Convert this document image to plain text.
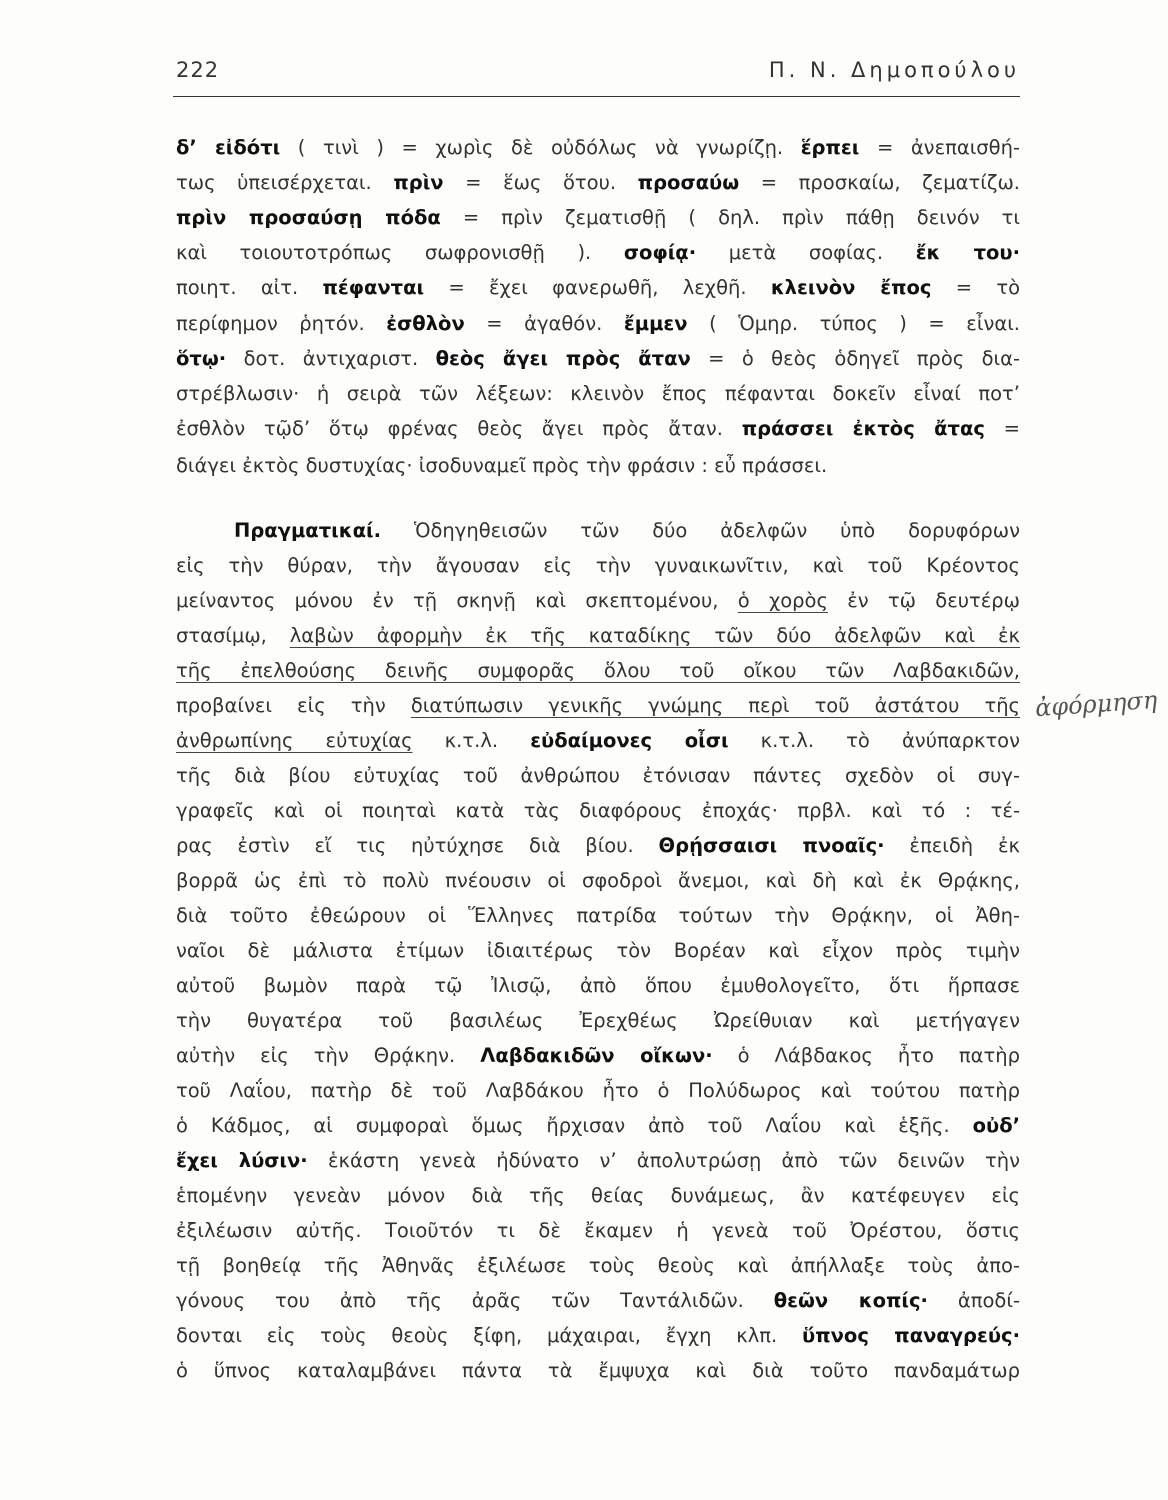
222	Π. Ν. Δημοπούλου
δ’ εἰδότι ( τινὶ ) = χωρὶς δὲ οὐδόλως νὰ γνωρίζῃ. ἕρπει = ἀνεπαισθή-
τως ὑπεισέρχεται. πρὶν = ἕως ὅτου. προσαύω = προσκαίω, ζεματίζω.
πρὶν προσαύσῃ πόδα = πρὶν ζεματισθῇ ( δηλ. πρὶν πάθῃ δεινόν τι
καὶ τοιουτοτρόπως σωφρονισθῇ ). σοφίᾳ· μετὰ σοφίας. ἔκ του·
ποιητ. αἰτ. πέφανται = ἔχει φανερωθῆ, λεχθῆ. κλεινὸν ἔπος = τὸ
περίφημον ῥητόν. ἐσθλὸν = ἀγαθόν. ἔμμεν ( Ὁμηρ. τύπος ) = εἶναι.
ὅτῳ· δοτ. ἀντιχαριστ. θεὸς ἄγει πρὸς ἄταν = ὁ θεὸς ὁδηγεῖ πρὸς δια-
στρέβλωσιν· ἡ σειρὰ τῶν λέξεων: κλεινὸν ἔπος πέφανται δοκεῖν εἶναί ποτ’
ἐσθλὸν τῷδ’ ὅτῳ φρένας θεὸς ἄγει πρὸς ἄταν. πράσσει ἐκτὸς ἄτας =
διάγει ἐκτὸς δυστυχίας· ἰσοδυναμεῖ πρὸς τὴν φράσιν : εὖ πράσσει.
Πραγματικαί. Ὁδηγηθεισῶν τῶν δύο ἀδελφῶν ὑπὸ δορυφόρων
εἰς τὴν θύραν, τὴν ἄγουσαν εἰς τὴν γυναικωνῖτιν, καὶ τοῦ Κρέοντος
μείναντος μόνου ἐν τῇ σκηνῇ καὶ σκεπτομένου, ὁ χορὸς ἐν τῷ δευτέρῳ
στασίμῳ, λαβὼν ἀφορμὴν ἐκ τῆς καταδίκης τῶν δύο ἀδελφῶν καὶ ἐκ
τῆς ἐπελθούσης δεινῆς συμφορᾶς ὅλου τοῦ οἴκου τῶν Λαβδακιδῶν,
προβαίνει εἰς τὴν διατύπωσιν γενικῆς γνώμης περὶ τοῦ ἀστάτου τῆς
ἀνθρωπίνης εὐτυχίας κ.τ.λ. εὐδαίμονες οἶσι κ.τ.λ. τὸ ἀνύπαρκτον
τῆς διὰ βίου εὐτυχίας τοῦ ἀνθρώπου ἐτόνισαν πάντες σχεδὸν οἱ συγ-
γραφεῖς καὶ οἱ ποιηταὶ κατὰ τὰς διαφόρους ἐποχάς· πρβλ. καὶ τό : τέ-
ρας ἐστὶν εἴ τις ηὐτύχησε διὰ βίου. Θρῄσσαισι πνοαῖς· ἐπειδὴ ἐκ
βορρᾶ ὡς ἐπὶ τὸ πολὺ πνέουσιν οἱ σφοδροὶ ἄνεμοι, καὶ δὴ καὶ ἐκ Θρᾴκης,
διὰ τοῦτο ἐθεώρουν οἱ Ἕλληνες πατρίδα τούτων τὴν Θρᾴκην, οἱ Ἀθη-
ναῖοι δὲ μάλιστα ἐτίμων ἰδιαιτέρως τὸν Βορέαν καὶ εἶχον πρὸς τιμὴν
αὐτοῦ βωμὸν παρὰ τῷ Ἰλισῷ, ἀπὸ ὅπου ἐμυθολογεῖτο, ὅτι ἥρπασε
τὴν θυγατέρα τοῦ βασιλέως Ἐρεχθέως Ὠρείθυιαν καὶ μετήγαγεν
αὐτὴν εἰς τὴν Θρᾴκην. Λαβδακιδῶν οἴκων· ὁ Λάβδακος ἦτο πατὴρ
τοῦ Λαΐου, πατὴρ δὲ τοῦ Λαβδάκου ἦτο ὁ Πολύδωρος καὶ τούτου πατὴρ
ὁ Κάδμος, αἱ συμφοραὶ ὅμως ἤρχισαν ἀπὸ τοῦ Λαΐου καὶ ἑξῆς. οὐδ’
ἔχει λύσιν· ἑκάστη γενεὰ ἠδύνατο ν’ ἀπολυτρώσῃ ἀπὸ τῶν δεινῶν τὴν
ἑπομένην γενεὰν μόνον διὰ τῆς θείας δυνάμεως, ἂν κατέφευγεν εἰς
ἐξιλέωσιν αὐτῆς. Τοιοῦτόν τι δὲ ἔκαμεν ἡ γενεὰ τοῦ Ὀρέστου, ὅστις
τῇ βοηθείᾳ τῆς Ἀθηνᾶς ἐξιλέωσε τοὺς θεοὺς καὶ ἀπήλλαξε τοὺς ἀπο-
γόνους του ἀπὸ τῆς ἀρᾶς τῶν Ταντάλιδῶν. θεῶν κοπίς· ἀποδί-
δονται εἰς τοὺς θεοὺς ξίφη, μάχαιραι, ἔγχη κλπ. ὕπνος παναγρεύς·
ὁ ὕπνος καταλαμβάνει πάντα τὰ ἔμψυχα καὶ διὰ τοῦτο πανδαμάτωρ
ἀφόρμηση
